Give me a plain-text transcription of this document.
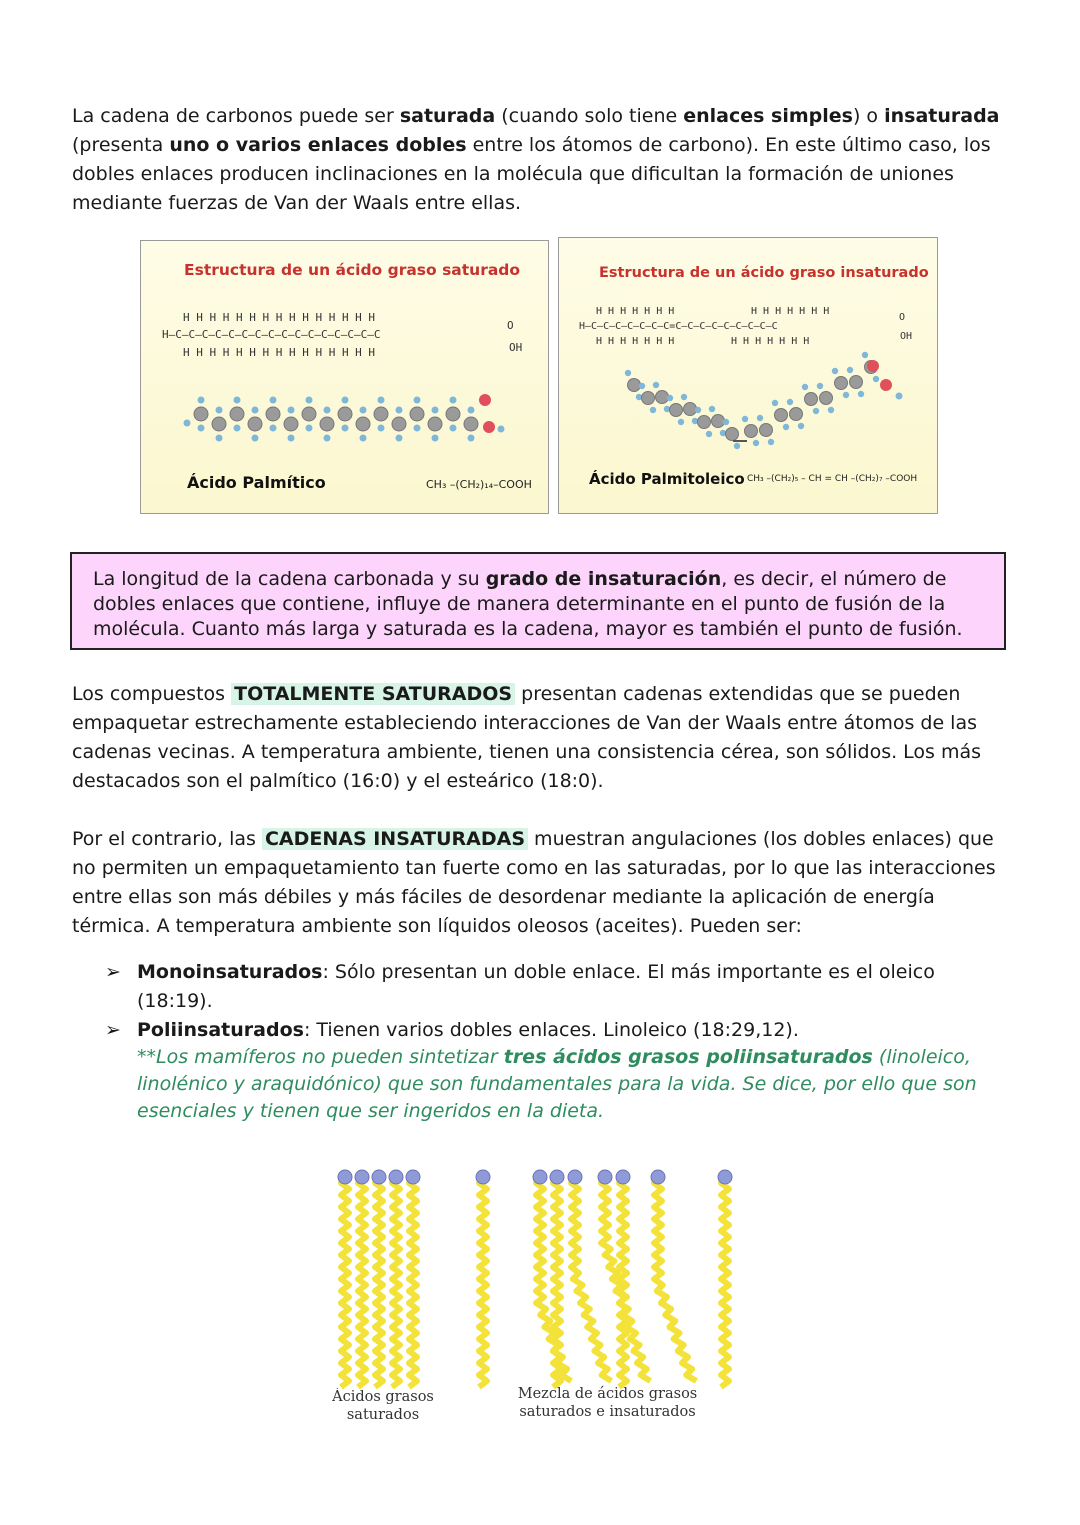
La cadena de carbonos puede ser saturada (cuando solo tiene enlaces simples) o insaturada (presenta uno o varios enlaces dobles entre los átomos de carbono). En este último caso, los dobles enlaces producen inclinaciones en la molécula que dificultan la formación de uniones mediante fuerzas de Van der Waals entre ellas.

Estructura de un ácido graso saturado
H H H H H H H H H H H H H H H
H–C–C–C–C–C–C–C–C–C–C–C–C–C–C–C–C
H H H H H H H H H H H H H H H
O
OH
Ácido Palmítico	CH₃ –(CH₂)₁₄–COOH
Estructura de un ácido graso insaturado
H H H H H H H	H H H H H H H
H–C–C–C–C–C–C–C=C–C–C–C–C–C–C–C–C
H H H H H H H	H H H H H H H
O
OH
Ácido Palmitoleico CH₃ –(CH₂)₅ – CH = CH –(CH₂)₇ –COOH

La longitud de la cadena carbonada y su grado de insaturación, es decir, el número de dobles enlaces que contiene, influye de manera determinante en el punto de fusión de la molécula. Cuanto más larga y saturada es la cadena, mayor es también el punto de fusión.

Los compuestos TOTALMENTE SATURADOS presentan cadenas extendidas que se pueden empaquetar estrechamente estableciendo interacciones de Van der Waals entre átomos de las cadenas vecinas. A temperatura ambiente, tienen una consistencia cérea, son sólidos. Los más destacados son el palmítico (16:0) y el esteárico (18:0).

Por el contrario, las CADENAS INSATURADAS muestran angulaciones (los dobles enlaces) que no permiten un empaquetamiento tan fuerte como en las saturadas, por lo que las interacciones entre ellas son más débiles y más fáciles de desordenar mediante la aplicación de energía térmica. A temperatura ambiente son líquidos oleosos (aceites). Pueden ser:

➢ Monoinsaturados: Sólo presentan un doble enlace. El más importante es el oleico (18:19).
➢ Poliinsaturados: Tienen varios dobles enlaces. Linoleico (18:29,12).

**Los mamíferos no pueden sintetizar tres ácidos grasos poliinsaturados (linoleico, linolénico y araquidónico) que son fundamentales para la vida. Se dice, por ello que son esenciales y tienen que ser ingeridos en la dieta.

Ácidos grasos
saturados
Mezcla de ácidos grasos
saturados e insaturados
